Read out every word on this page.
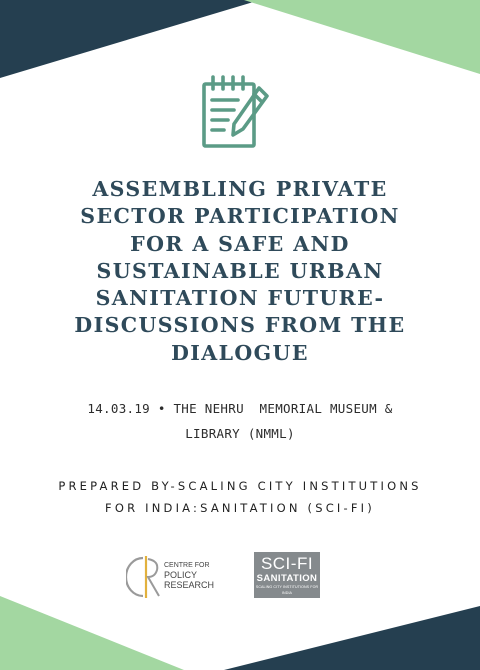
ASSEMBLING PRIVATE
SECTOR PARTICIPATION
FOR A SAFE AND
SUSTAINABLE URBAN
SANITATION FUTURE-
DISCUSSIONS FROM THE
DIALOGUE

14.03.19 • THE NEHRU  MEMORIAL MUSEUM &
LIBRARY (NMML)

PREPARED BY-SCALING CITY INSTITUTIONS
FOR INDIA:SANITATION (SCI-FI)

CENTRE FOR
POLICY
RESEARCH
SCI-FI
SANITATION
SCALING CITY INSTITUTIONS FOR INDIA
